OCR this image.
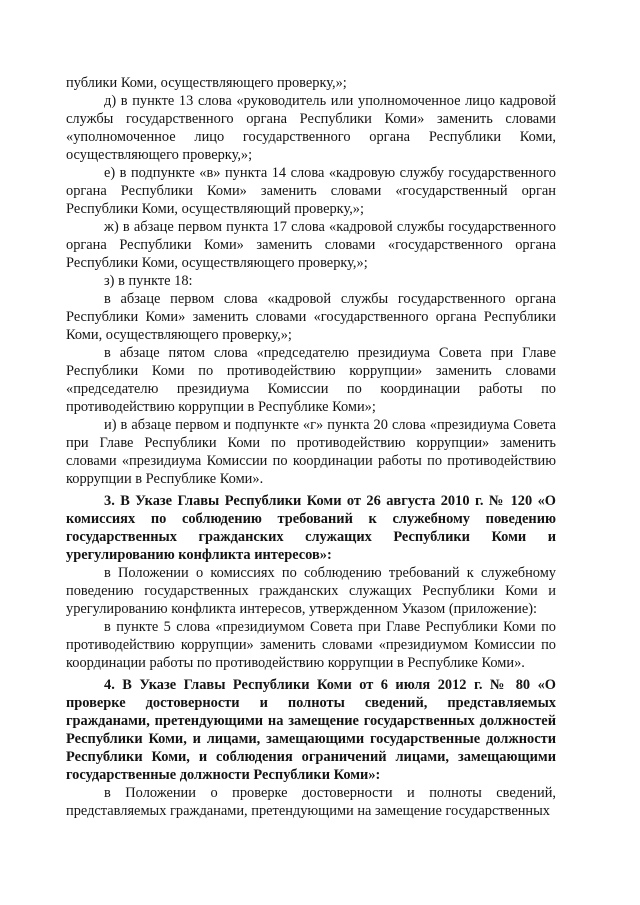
публики Коми, осуществляющего проверку,»;

д) в пункте 13 слова «руководитель или уполномоченное лицо кадровой службы государственного органа Республики Коми» заменить словами «уполномоченное лицо государственного органа Республики Коми, осуществляющего проверку,»;

е) в подпункте «в» пункта 14 слова «кадровую службу государственного органа Республики Коми» заменить словами «государственный орган Республики Коми, осуществляющий проверку,»;

ж) в абзаце первом пункта 17 слова «кадровой службы государственного органа Республики Коми» заменить словами «государственного органа Республики Коми, осуществляющего проверку,»;

з) в пункте 18:

в абзаце первом слова «кадровой службы государственного органа Республики Коми» заменить словами «государственного органа Республики Коми, осуществляющего проверку,»;

в абзаце пятом слова «председателю президиума Совета при Главе Республики Коми по противодействию коррупции» заменить словами «председателю президиума Комиссии по координации работы по противодействию коррупции в Республике Коми»;

и) в абзаце первом и подпункте «г» пункта 20 слова «президиума Совета при Главе Республики Коми по противодействию коррупции» заменить словами «президиума Комиссии по координации работы по противодействию коррупции в Республике Коми».

3. В Указе Главы Республики Коми от 26 августа 2010 г. № 120 «О комиссиях по соблюдению требований к служебному поведению государственных гражданских служащих Республики Коми и урегулированию конфликта интересов»:

в Положении о комиссиях по соблюдению требований к служебному поведению государственных гражданских служащих Республики Коми и урегулированию конфликта интересов, утвержденном Указом (приложение):

в пункте 5 слова «президиумом Совета при Главе Республики Коми по противодействию коррупции» заменить словами «президиумом Комиссии по координации работы по противодействию коррупции в Республике Коми».

4. В Указе Главы Республики Коми от 6 июля 2012 г. № 80 «О проверке достоверности и полноты сведений, представляемых гражданами, претендующими на замещение государственных должностей Республики Коми, и лицами, замещающими государственные должности Республики Коми, и соблюдения ограничений лицами, замещающими государственные должности Республики Коми»:

в Положении о проверке достоверности и полноты сведений, представляемых гражданами, претендующими на замещение государственных
